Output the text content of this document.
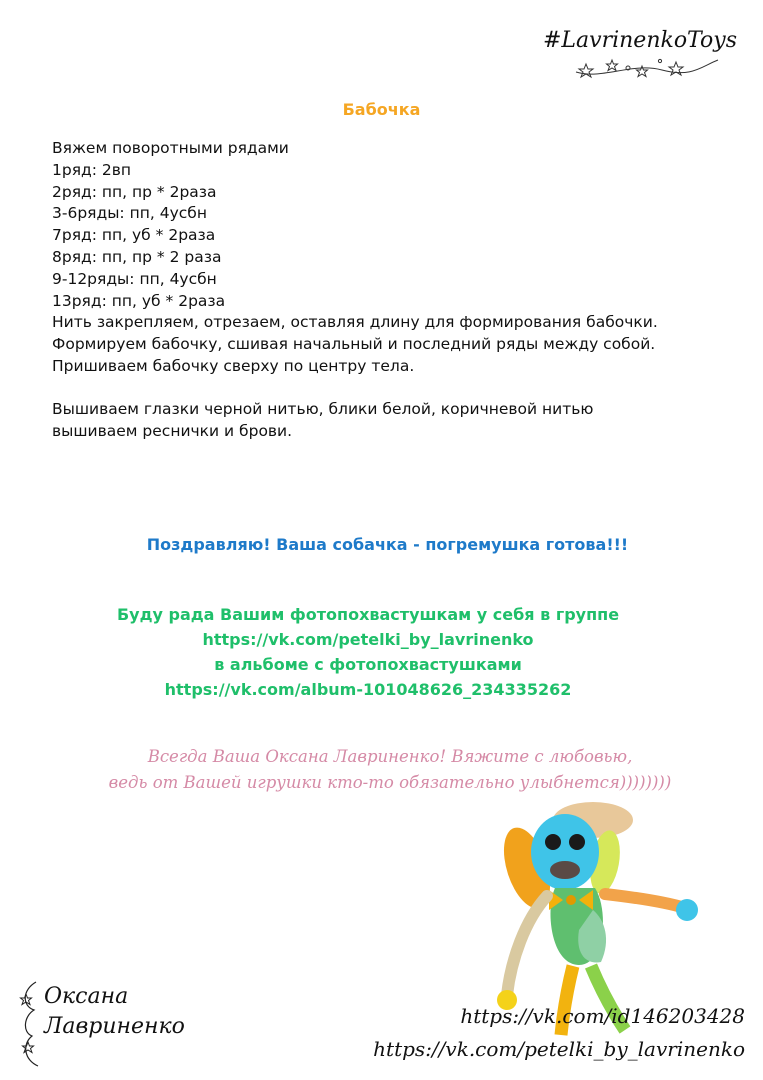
#LavrinenkoToys
Бабочка
Вяжем поворотными рядами
1ряд: 2вп
2ряд: пп, пр * 2раза
3-6ряды: пп, 4усбн
7ряд: пп, уб * 2раза
8ряд: пп, пр * 2 раза
9-12ряды: пп, 4усбн
13ряд: пп, уб * 2раза
Нить закрепляем, отрезаем, оставляя длину для формирования бабочки.
Формируем бабочку, сшивая начальный и последний ряды между собой.
Пришиваем бабочку сверху по центру тела.
Вышиваем глазки черной нитью, блики белой, коричневой нитью
вышиваем реснички и брови.
Поздравляю! Ваша собачка - погремушка готова!!!
Буду рада Вашим фотопохвастушкам у себя в группе
https://vk.com/petelki_by_lavrinenko
в альбоме с фотопохвастушками
https://vk.com/album-101048626_234335262
Всегда Ваша Оксана Лавриненко! Вяжите с любовью,
ведь от Вашей игрушки кто-то обязательно улыбнется))))))))
Оксана
Лавриненко	https://vk.com/id146203428
https://vk.com/petelki_by_lavrinenko
